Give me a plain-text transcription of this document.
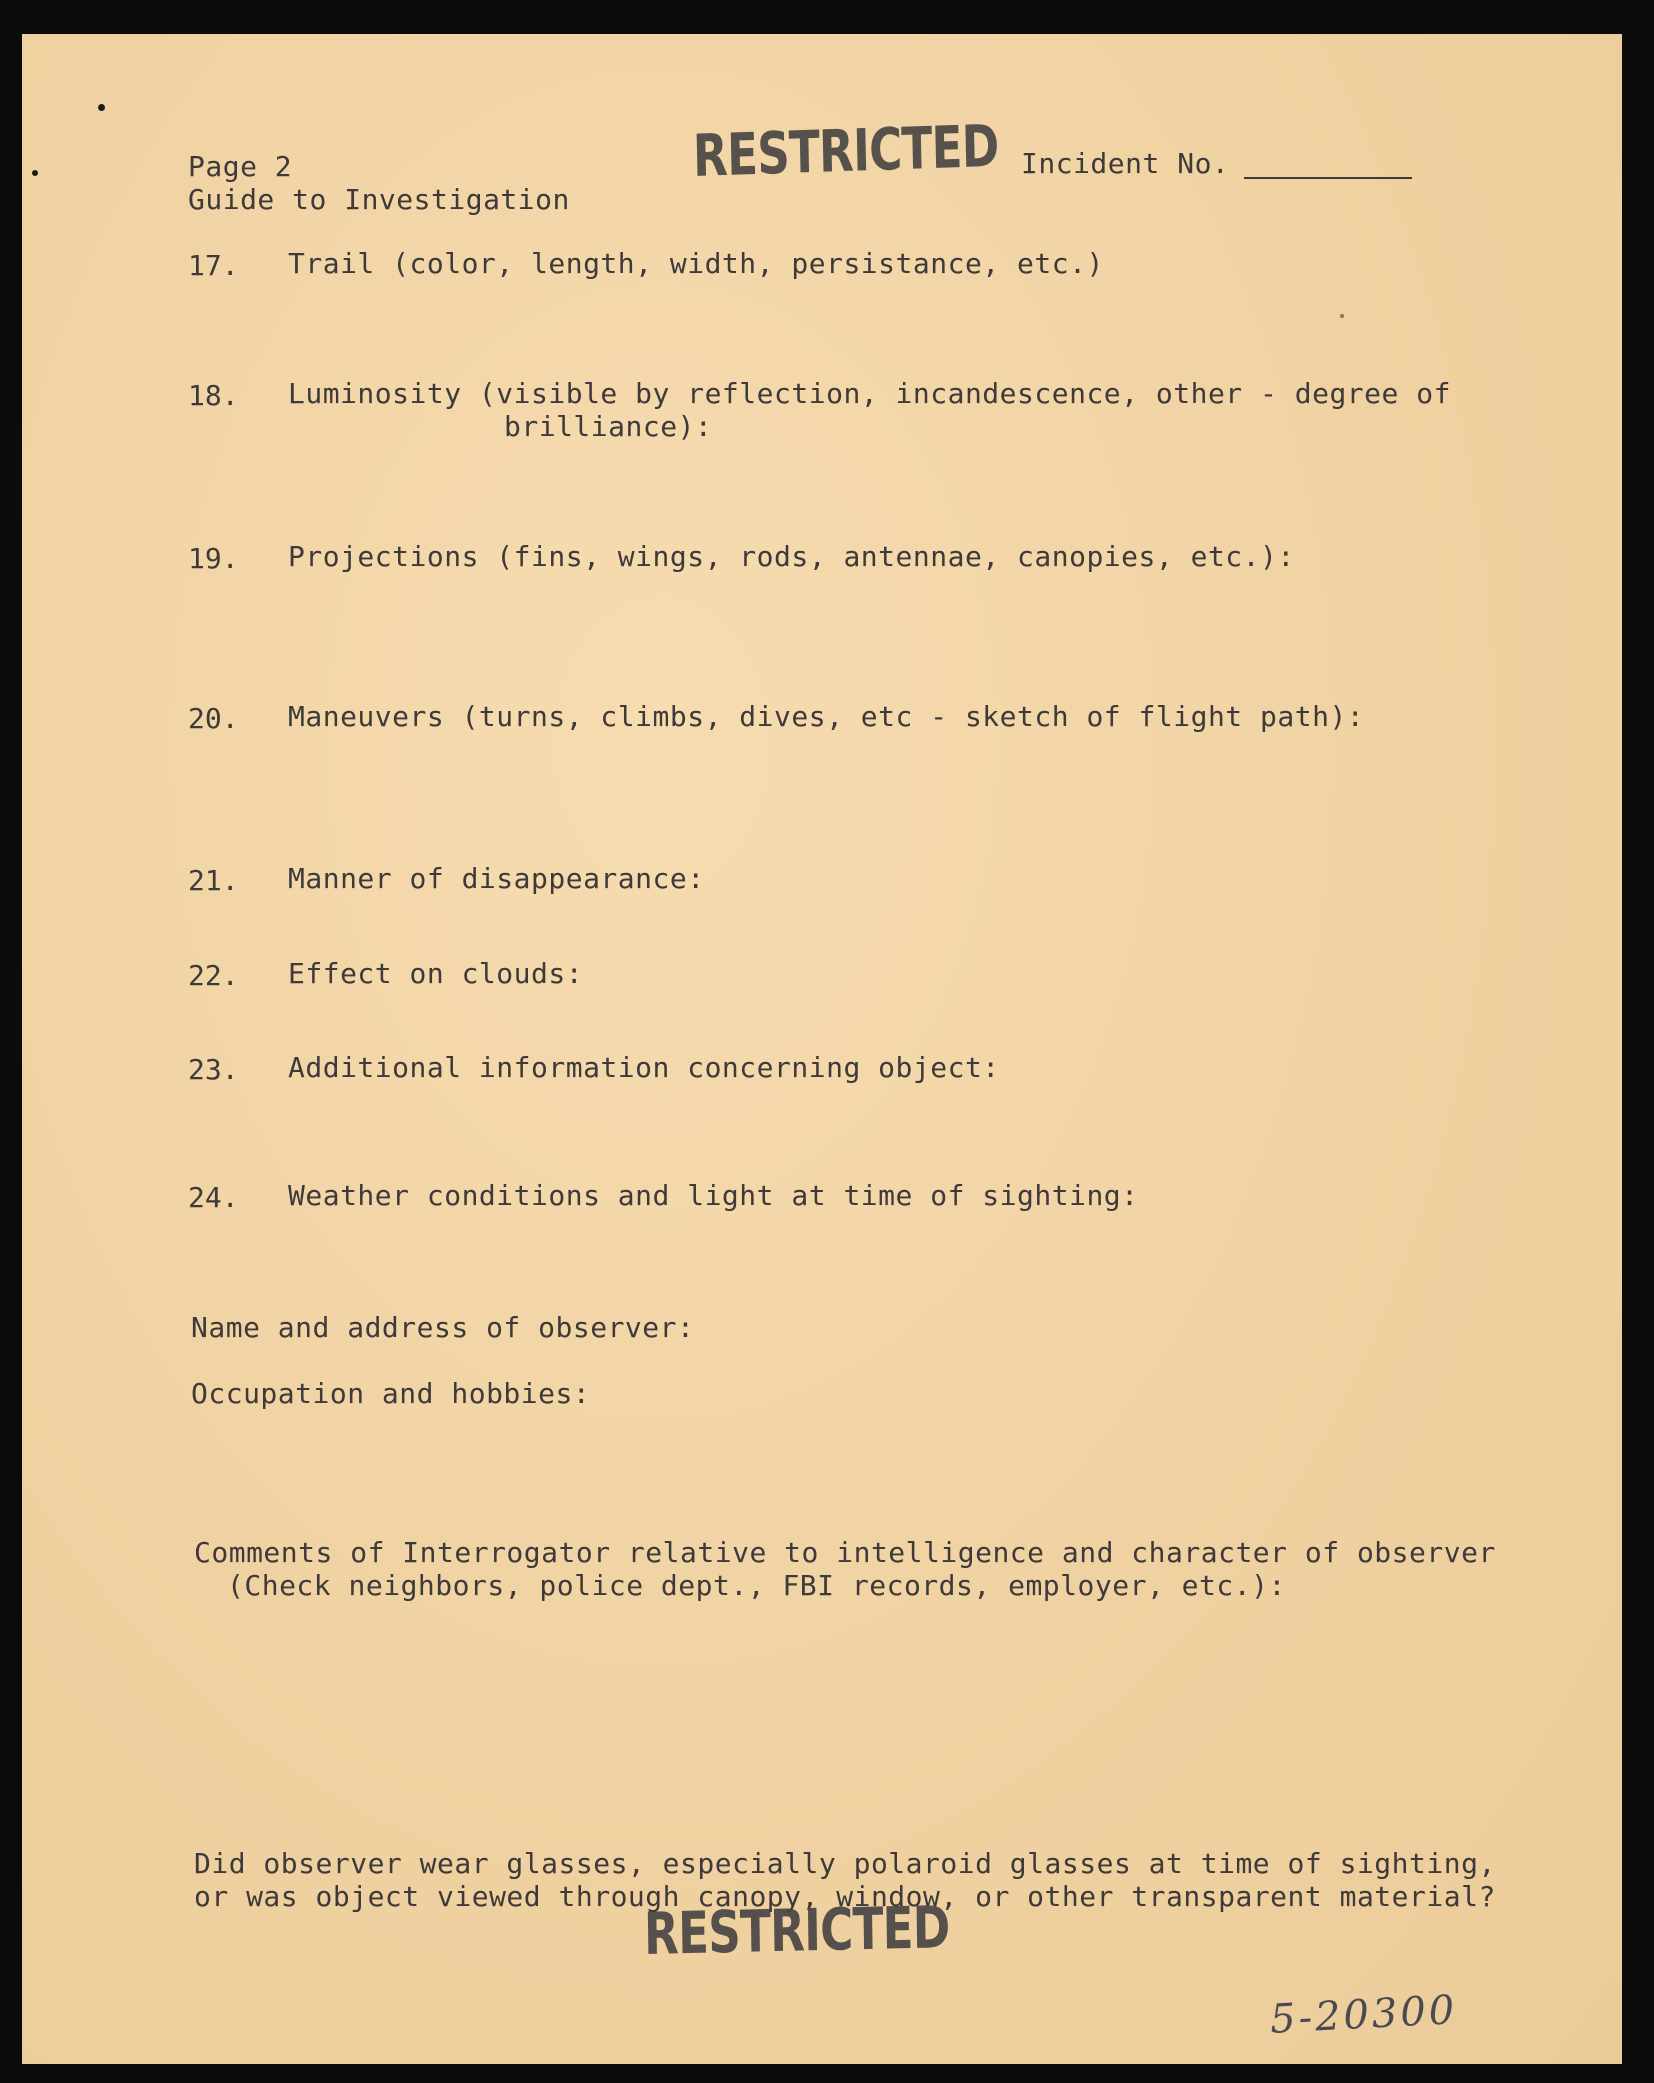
Page 2
Guide to Investigation
RESTRICTED Incident No.
17. Trail (color, length, width, persistance, etc.)
18. Luminosity (visible by reflection, incandescence, other - degree of
brilliance):
19. Projections (fins, wings, rods, antennae, canopies, etc.):
20. Maneuvers (turns, climbs, dives, etc - sketch of flight path):
21. Manner of disappearance:
22. Effect on clouds:
23. Additional information concerning object:
24. Weather conditions and light at time of sighting:
Name and address of observer:
Occupation and hobbies:
Comments of Interrogator relative to intelligence and character of observer
(Check neighbors, police dept., FBI records, employer, etc.):
Did observer wear glasses, especially polaroid glasses at time of sighting,
or was object viewed through canopy, window, or other transparent material?
RESTRICTED
5-20300
